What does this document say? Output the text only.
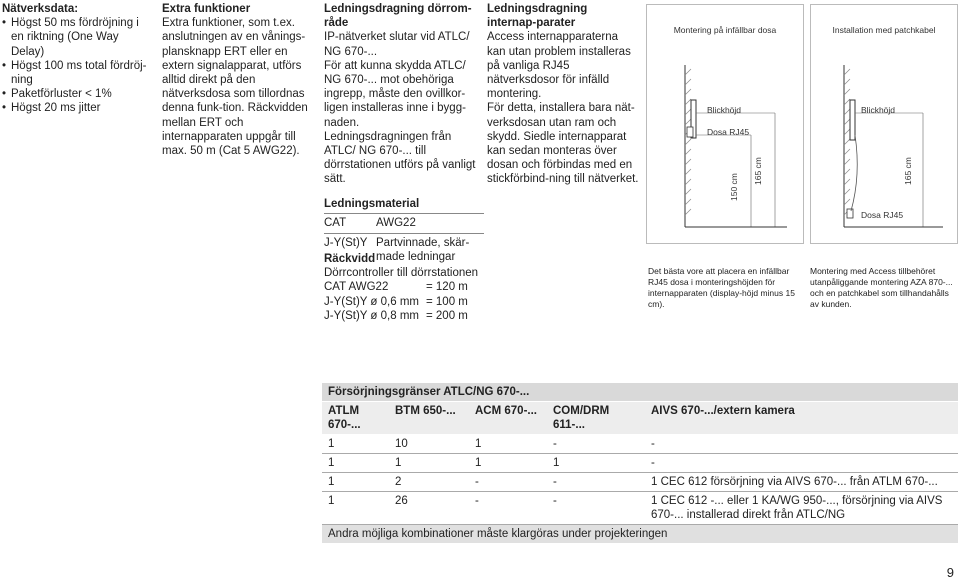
Nätverksdata:
• Högst 50 ms fördröjning i en riktning (One Way Delay)
• Högst 100 ms total fördröj-ning
• Paketförluster < 1%
• Högst 20 ms jitter
Extra funktioner
Extra funktioner, som t.ex. anslutningen av en vånings-plansknapp ERT eller en extern signalapparat, utförs alltid direkt på den nätverksdosa som tillordnas denna funk-tion. Räckvidden mellan ERT och internapparaten uppgår till max. 50 m (Cat 5 AWG22).
Ledningsdragning dörrom-råde
IP-nätverket slutar vid ATLC/ NG 670-...
För att kunna skydda ATLC/ NG 670-... mot obehöriga ingrepp, måste den ovillkor-ligen installeras inne i bygg-naden.
Ledningsdragningen från ATLC/ NG 670-... till dörrstationen utförs på vanligt sätt.
Ledningsmaterial
CAT	AWG22
J-Y(St)Y Partvinnade, skär-made ledningar
Räckvidd
Dörrcontroller till dörrstationen
CAT AWG22	= 120 m
J-Y(St)Y ø 0,6 mm = 100 m
J-Y(St)Y ø 0,8 mm = 200 m
Ledningsdragning internap-parater
Access internapparaterna kan utan problem installeras på vanliga RJ45 nätverksdosor för infälld montering.
För detta, installera bara nät-verksdosan utan ram och skydd. Siedle internapparat kan sedan monteras över dosan och förbindas med en stickförbind-ning till nätverket.
Montering på infällbar dosa
Blickhöjd
Dosa RJ45
150 cm
165 cm
Installation med patchkabel
Blickhöjd
Dosa RJ45
165 cm
Det bästa vore att placera en infällbar RJ45 dosa i monteringshöjden för internapparaten (display-höjd minus 15 cm).
Montering med Access tillbehöret utanpåliggande montering AZA 870-... och en patchkabel som tillhandahålls av kunden.
Försörjningsgränser ATLC/NG 670-...				
ATLM 670-...	BTM 650-...	ACM 670-...	COM/DRM 611-...	AIVS 670-.../extern kamera
1	10	1	-	-
1	1	1	1	-
1	2	-	-	1 CEC 612 försörjning via AIVS 670-... från ATLM 670-...
1	26	-	-	1 CEC 612 -... eller 1 KA/WG 950-..., försörjning via AIVS 670-... installerad direkt från ATLC/NG
Andra möjliga kombinationer måste klargöras under projekteringen				
9
